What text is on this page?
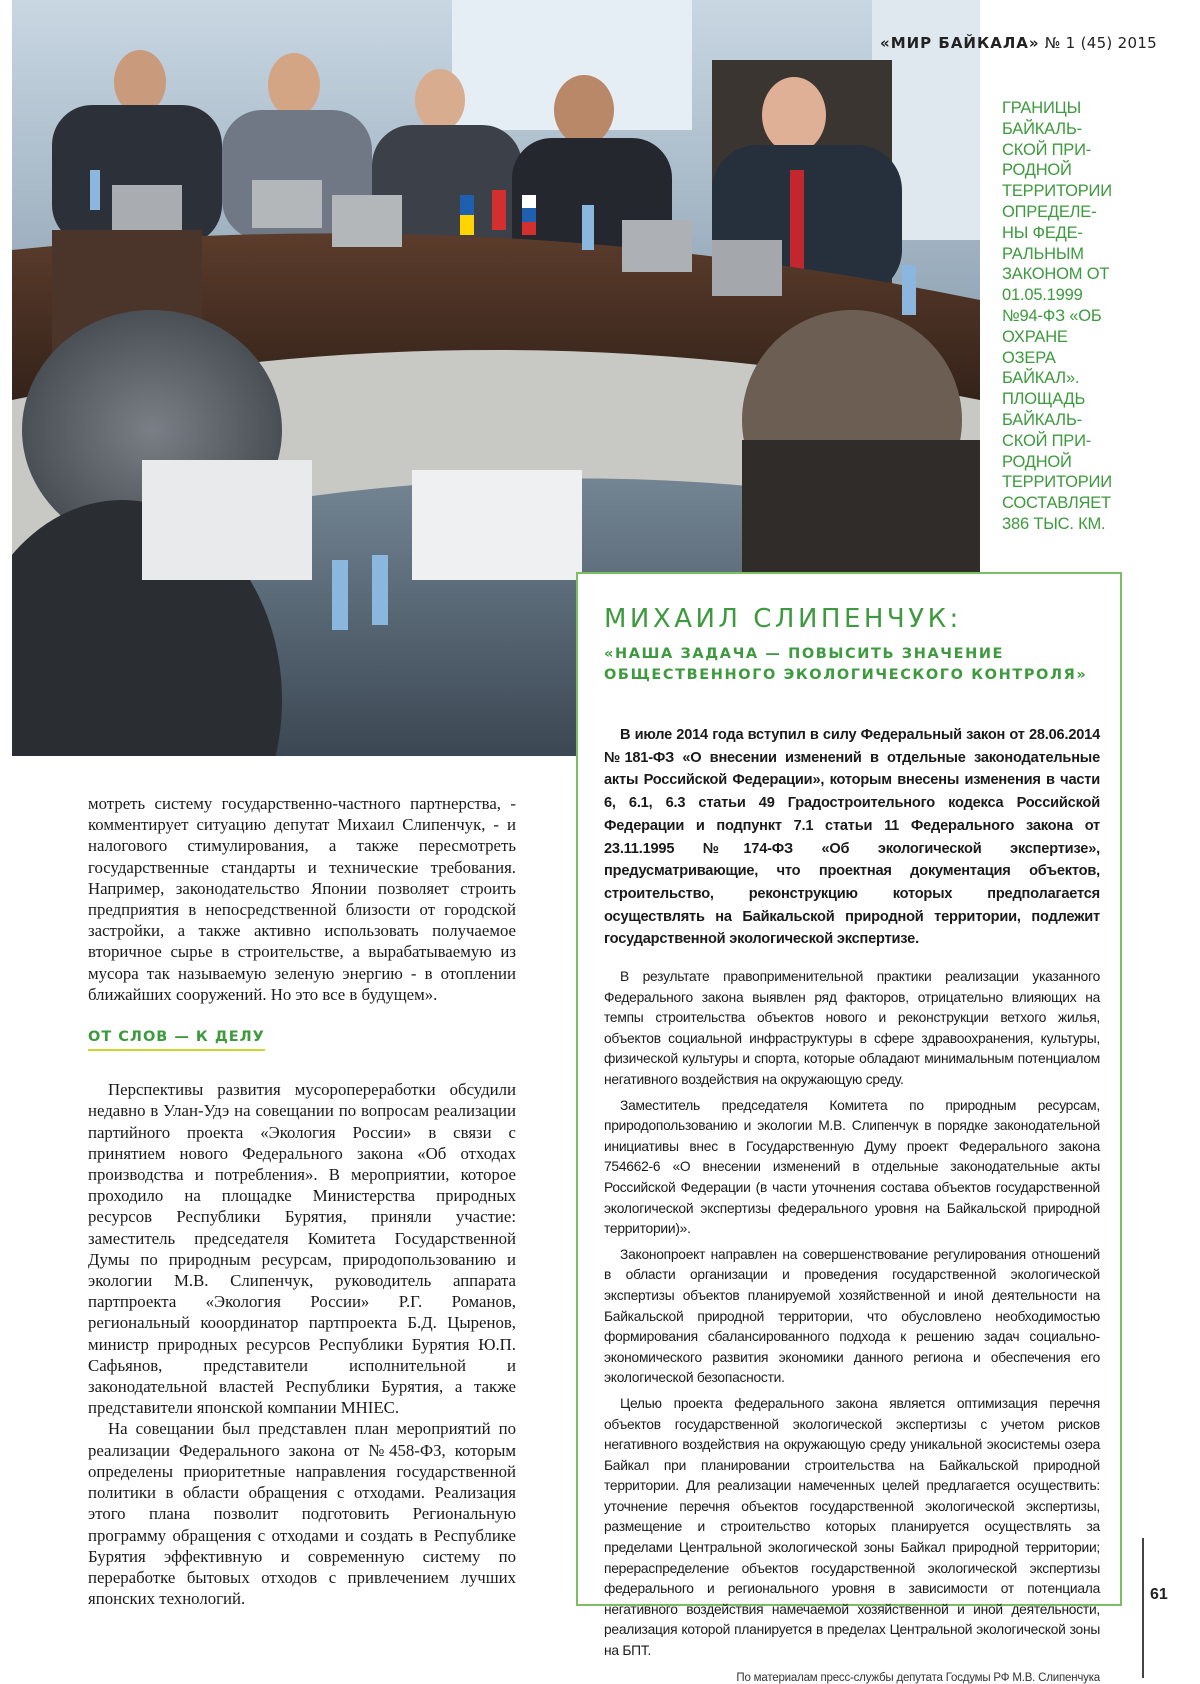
«МИР БАЙКАЛА» № 1 (45) 2015

ГРАНИЦЫ БАЙКАЛЬ-СКОЙ ПРИ-РОДНОЙ ТЕРРИТОРИИ ОПРЕДЕЛЕ-НЫ ФЕДЕ-РАЛЬНЫМ ЗАКОНОМ ОТ 01.05.1999 №94-ФЗ «ОБ ОХРАНЕ ОЗЕРА БАЙКАЛ». ПЛОЩАДЬ БАЙКАЛЬ-СКОЙ ПРИ-РОДНОЙ ТЕРРИТОРИИ СОСТАВЛЯЕТ 386 ТЫС. КМ.

мотреть систему государственно-частного партнерства, - комментирует ситуацию депутат Михаил Слипенчук, - и налогового стимулирования, а также пересмотреть государственные стандарты и технические требования. Например, законодательство Японии позволяет строить предприятия в непосредственной близости от городской застройки, а также активно использовать получаемое вторичное сырье в строительстве, а вырабатываемую из мусора так называемую зеленую энергию - в отоплении ближайших сооружений. Но это все в будущем».

ОТ СЛОВ — К ДЕЛУ

Перспективы развития мусоропереработки обсудили недавно в Улан-Удэ на совещании по вопросам реализации партийного проекта «Экология России» в связи с принятием нового Федерального закона «Об отходах производства и потребления». В мероприятии, которое проходило на площадке Министерства природных ресурсов Республики Бурятия, приняли участие: заместитель председателя Комитета Государственной Думы по природным ресурсам, природопользованию и экологии М.В. Слипенчук, руководитель аппарата партпроекта «Экология России» Р.Г. Романов, региональный кооординатор партпроекта Б.Д. Цыренов, министр природных ресурсов Республики Бурятия Ю.П. Сафьянов, представители исполнительной и законодательной властей Республики Бурятия, а также представители японской компании MHIEC.

На совещании был представлен план мероприятий по реализации Федерального закона от №458-ФЗ, которым определены приоритетные направления государственной политики в области обращения с отходами. Реализация этого плана позволит подготовить Региональную программу обращения с отходами и создать в Республике Бурятия эффективную и современную систему по переработке бытовых отходов с привлечением лучших японских технологий.

МИХАИЛ СЛИПЕНЧУК:
«НАША ЗАДАЧА — ПОВЫСИТЬ ЗНАЧЕНИЕ ОБЩЕСТВЕННОГО ЭКОЛОГИЧЕСКОГО КОНТРОЛЯ»

В июле 2014 года вступил в силу Федеральный закон от 28.06.2014 №181-ФЗ «О внесении изменений в отдельные законодательные акты Российской Федерации», которым внесены изменения в части 6, 6.1, 6.3 статьи 49 Градостроительного кодекса Российской Федерации и подпункт 7.1 статьи 11 Федерального закона от 23.11.1995 №174-ФЗ «Об экологической экспертизе», предусматривающие, что проектная документация объектов, строительство, реконструкцию которых предполагается осуществлять на Байкальской природной территории, подлежит государственной экологической экспертизе.

В результате правоприменительной практики реализации указанного Федерального закона выявлен ряд факторов, отрицательно влияющих на темпы строительства объектов нового и реконструкции ветхого жилья, объектов социальной инфраструктуры в сфере здравоохранения, культуры, физической культуры и спорта, которые обладают минимальным потенциалом негативного воздействия на окружающую среду.

Заместитель председателя Комитета по природным ресурсам, природопользованию и экологии М.В. Слипенчук в порядке законодательной инициативы внес в Государственную Думу проект Федерального закона 754662-6 «О внесении изменений в отдельные законодательные акты Российской Федерации (в части уточнения состава объектов государственной экологической экспертизы федерального уровня на Байкальской природной территории)».

Законопроект направлен на совершенствование регулирования отношений в области организации и проведения государственной экологической экспертизы объектов планируемой хозяйственной и иной деятельности на Байкальской природной территории, что обусловлено необходимостью формирования сбалансированного подхода к решению задач социально-экономического развития экономики данного региона и обеспечения его экологической безопасности.

Целью проекта федерального закона является оптимизация перечня объектов государственной экологической экспертизы с учетом рисков негативного воздействия на окружающую среду уникальной экосистемы озера Байкал при планировании строительства на Байкальской природной территории. Для реализации намеченных целей предлагается осуществить: уточнение перечня объектов государственной экологической экспертизы, размещение и строительство которых планируется осуществлять за пределами Центральной экологической зоны Байкал природной территории; перераспределение объектов государственной экологической экспертизы федерального и регионального уровня в зависимости от потенциала негативного воздействия намечаемой хозяйственной и иной деятельности, реализация которой планируется в пределах Центральной экологической зоны на БПТ.

По материалам пресс-службы депутата Госдумы РФ М.В. Слипенчука

61
